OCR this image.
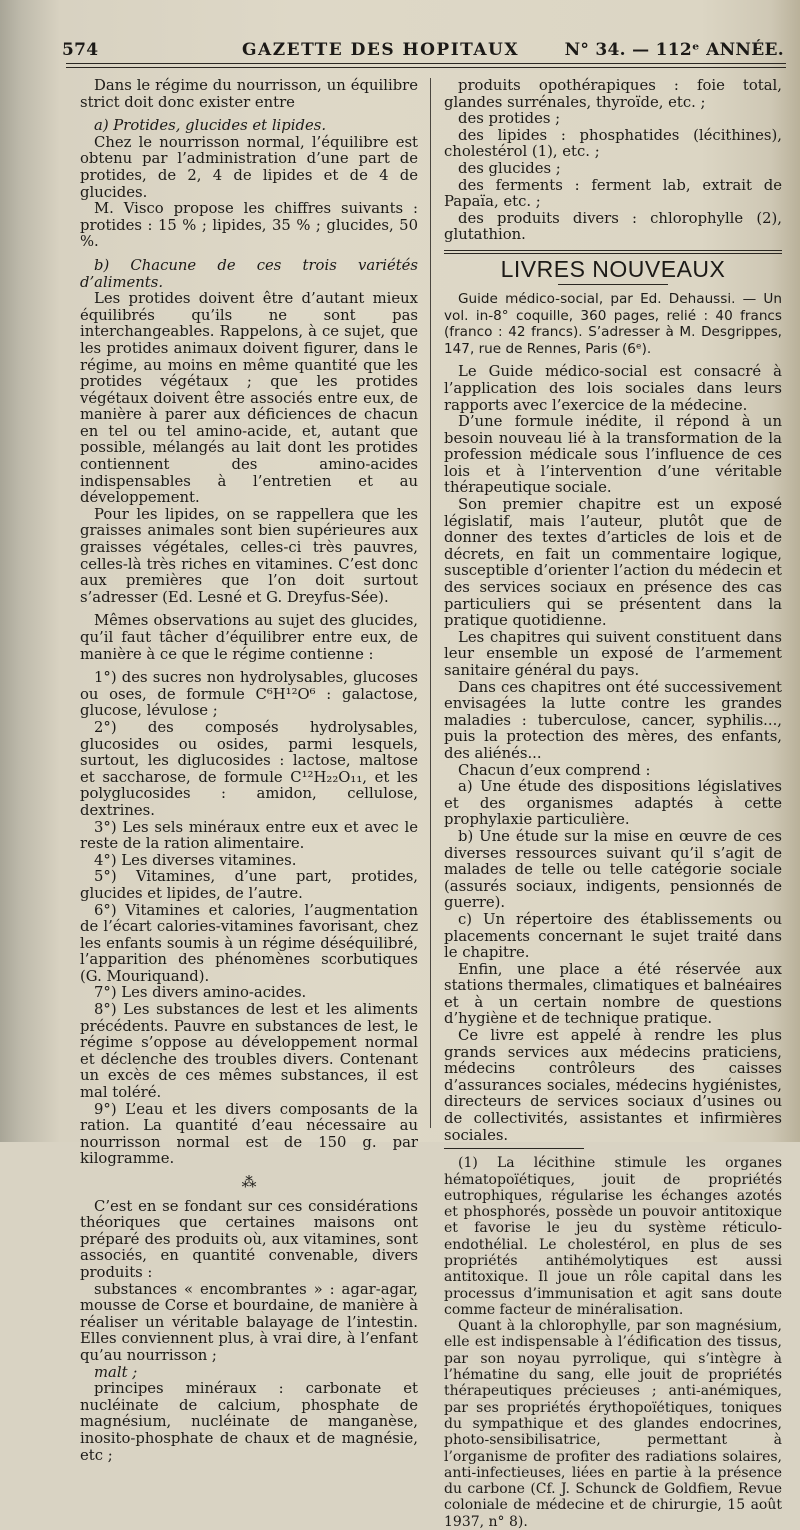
574	GAZETTE DES HOPITAUX	N° 34. — 112ᵉ ANNÉE.

Dans le régime du nourrisson, un équilibre strict doit donc exister entre

a) Protides, glucides et lipides.

Chez le nourrisson normal, l’équilibre est obtenu par l’administration d’une part de protides, de 2, 4 de lipides et de 4 de glucides.

M. Visco propose les chiffres suivants : protides : 15 % ; lipides, 35 % ; glucides, 50 %.

b) Chacune de ces trois variétés d’aliments.

Les protides doivent être d’autant mieux équilibrés qu’ils ne sont pas interchangeables. Rappelons, à ce sujet, que les protides animaux doivent figurer, dans le régime, au moins en même quantité que les protides végétaux ; que les protides végétaux doivent être associés entre eux, de manière à parer aux déficiences de chacun en tel ou tel amino-acide, et, autant que possible, mélangés au lait dont les protides contiennent des amino-acides indispensables à l’entretien et au développement.

Pour les lipides, on se rappellera que les graisses animales sont bien supérieures aux graisses végétales, celles-ci très pauvres, celles-là très riches en vitamines. C’est donc aux premières que l’on doit surtout s’adresser (Ed. Lesné et G. Dreyfus-Sée).

Mêmes observations au sujet des glucides, qu’il faut tâcher d’équilibrer entre eux, de manière à ce que le régime contienne :

1°) des sucres non hydrolysables, glucoses ou oses, de formule C⁶H¹²O⁶ : galactose, glucose, lévulose ;

2°) des composés hydrolysables, glucosides ou osides, parmi lesquels, surtout, les diglucosides : lactose, maltose et saccharose, de formule C¹²H₂₂O₁₁, et les polyglucosides : amidon, cellulose, dextrines.

3°) Les sels minéraux entre eux et avec le reste de la ration alimentaire.

4°) Les diverses vitamines.

5°) Vitamines, d’une part, protides, glucides et lipides, de l’autre.

6°) Vitamines et calories, l’augmentation de l’écart calories-vitamines favorisant, chez les enfants soumis à un régime déséquilibré, l’apparition des phénomènes scorbutiques (G. Mouriquand).

7°) Les divers amino-acides.

8°) Les substances de lest et les aliments précédents. Pauvre en substances de lest, le régime s’oppose au développement normal et déclenche des troubles divers. Contenant un excès de ces mêmes substances, il est mal toléré.

9°) L’eau et les divers composants de la ration. La quantité d’eau nécessaire au nourrisson normal est de 150 g. par kilogramme.

⁂

C’est en se fondant sur ces considérations théoriques que certaines maisons ont préparé des produits où, aux vitamines, sont associés, en quantité convenable, divers produits :

substances « encombrantes » : agar-agar, mousse de Corse et bourdaine, de manière à réaliser un véritable balayage de l’intestin. Elles conviennent plus, à vrai dire, à l’enfant qu’au nourrisson ;

malt ;

principes minéraux : carbonate et nucléinate de calcium, phosphate de magnésium, nucléinate de manganèse, inosito-phosphate de chaux et de magnésie, etc ;

produits opothérapiques : foie total, glandes surrénales, thyroïde, etc. ;

des protides ;

des lipides : phosphatides (lécithines), cholestérol (1), etc. ;

des glucides ;

des ferments : ferment lab, extrait de Papaïa, etc. ;

des produits divers : chlorophylle (2), glutathion.

LIVRES NOUVEAUX

Guide médico-social, par Ed. Dehaussi. — Un vol. in-8° coquille, 360 pages, relié : 40 francs (franco : 42 francs). S’adresser à M. Desgrippes, 147, rue de Rennes, Paris (6ᵉ).

Le Guide médico-social est consacré à l’application des lois sociales dans leurs rapports avec l’exercice de la médecine.

D’une formule inédite, il répond à un besoin nouveau lié à la transformation de la profession médicale sous l’influence de ces lois et à l’intervention d’une véritable thérapeutique sociale.

Son premier chapitre est un exposé législatif, mais l’auteur, plutôt que de donner des textes d’articles de lois et de décrets, en fait un commentaire logique, susceptible d’orienter l’action du médecin et des services sociaux en présence des cas particuliers qui se présentent dans la pratique quotidienne.

Les chapitres qui suivent constituent dans leur ensemble un exposé de l’armement sanitaire général du pays.

Dans ces chapitres ont été successivement envisagées la lutte contre les grandes maladies : tuberculose, cancer, syphilis..., puis la protection des mères, des enfants, des aliénés...

Chacun d’eux comprend :

a) Une étude des dispositions législatives et des organismes adaptés à cette prophylaxie particulière.

b) Une étude sur la mise en œuvre de ces diverses ressources suivant qu’il s’agit de malades de telle ou telle catégorie sociale (assurés sociaux, indigents, pensionnés de guerre).

c) Un répertoire des établissements ou placements concernant le sujet traité dans le chapitre.

Enfin, une place a été réservée aux stations thermales, climatiques et balnéaires et à un certain nombre de questions d’hygiène et de technique pratique.

Ce livre est appelé à rendre les plus grands services aux médecins praticiens, médecins contrôleurs des caisses d’assurances sociales, médecins hygiénistes, directeurs de services sociaux d’usines ou de collectivités, assistantes et infirmières sociales.

(1) La lécithine stimule les organes hématopoïétiques, jouit de propriétés eutrophiques, régularise les échanges azotés et phosphorés, possède un pouvoir antitoxique et favorise le jeu du système réticulo-endothélial. Le cholestérol, en plus de ses propriétés antihémolytiques est aussi antitoxique. Il joue un rôle capital dans les processus d’immunisation et agit sans doute comme facteur de minéralisation.

Quant à la chlorophylle, par son magnésium, elle est indispensable à l’édification des tissus, par son noyau pyrrolique, qui s’intègre à l’hématine du sang, elle jouit de propriétés thérapeutiques précieuses ; anti-anémiques, par ses propriétés érythopoïétiques, toniques du sympathique et des glandes endocrines, photo-sensibilisatrice, permettant à l’organisme de profiter des radiations solaires, anti-infectieuses, liées en partie à la présence du carbone (Cf. J. Schunck de Goldfiem, Revue coloniale de médecine et de chirurgie, 15 août 1937, n° 8).
